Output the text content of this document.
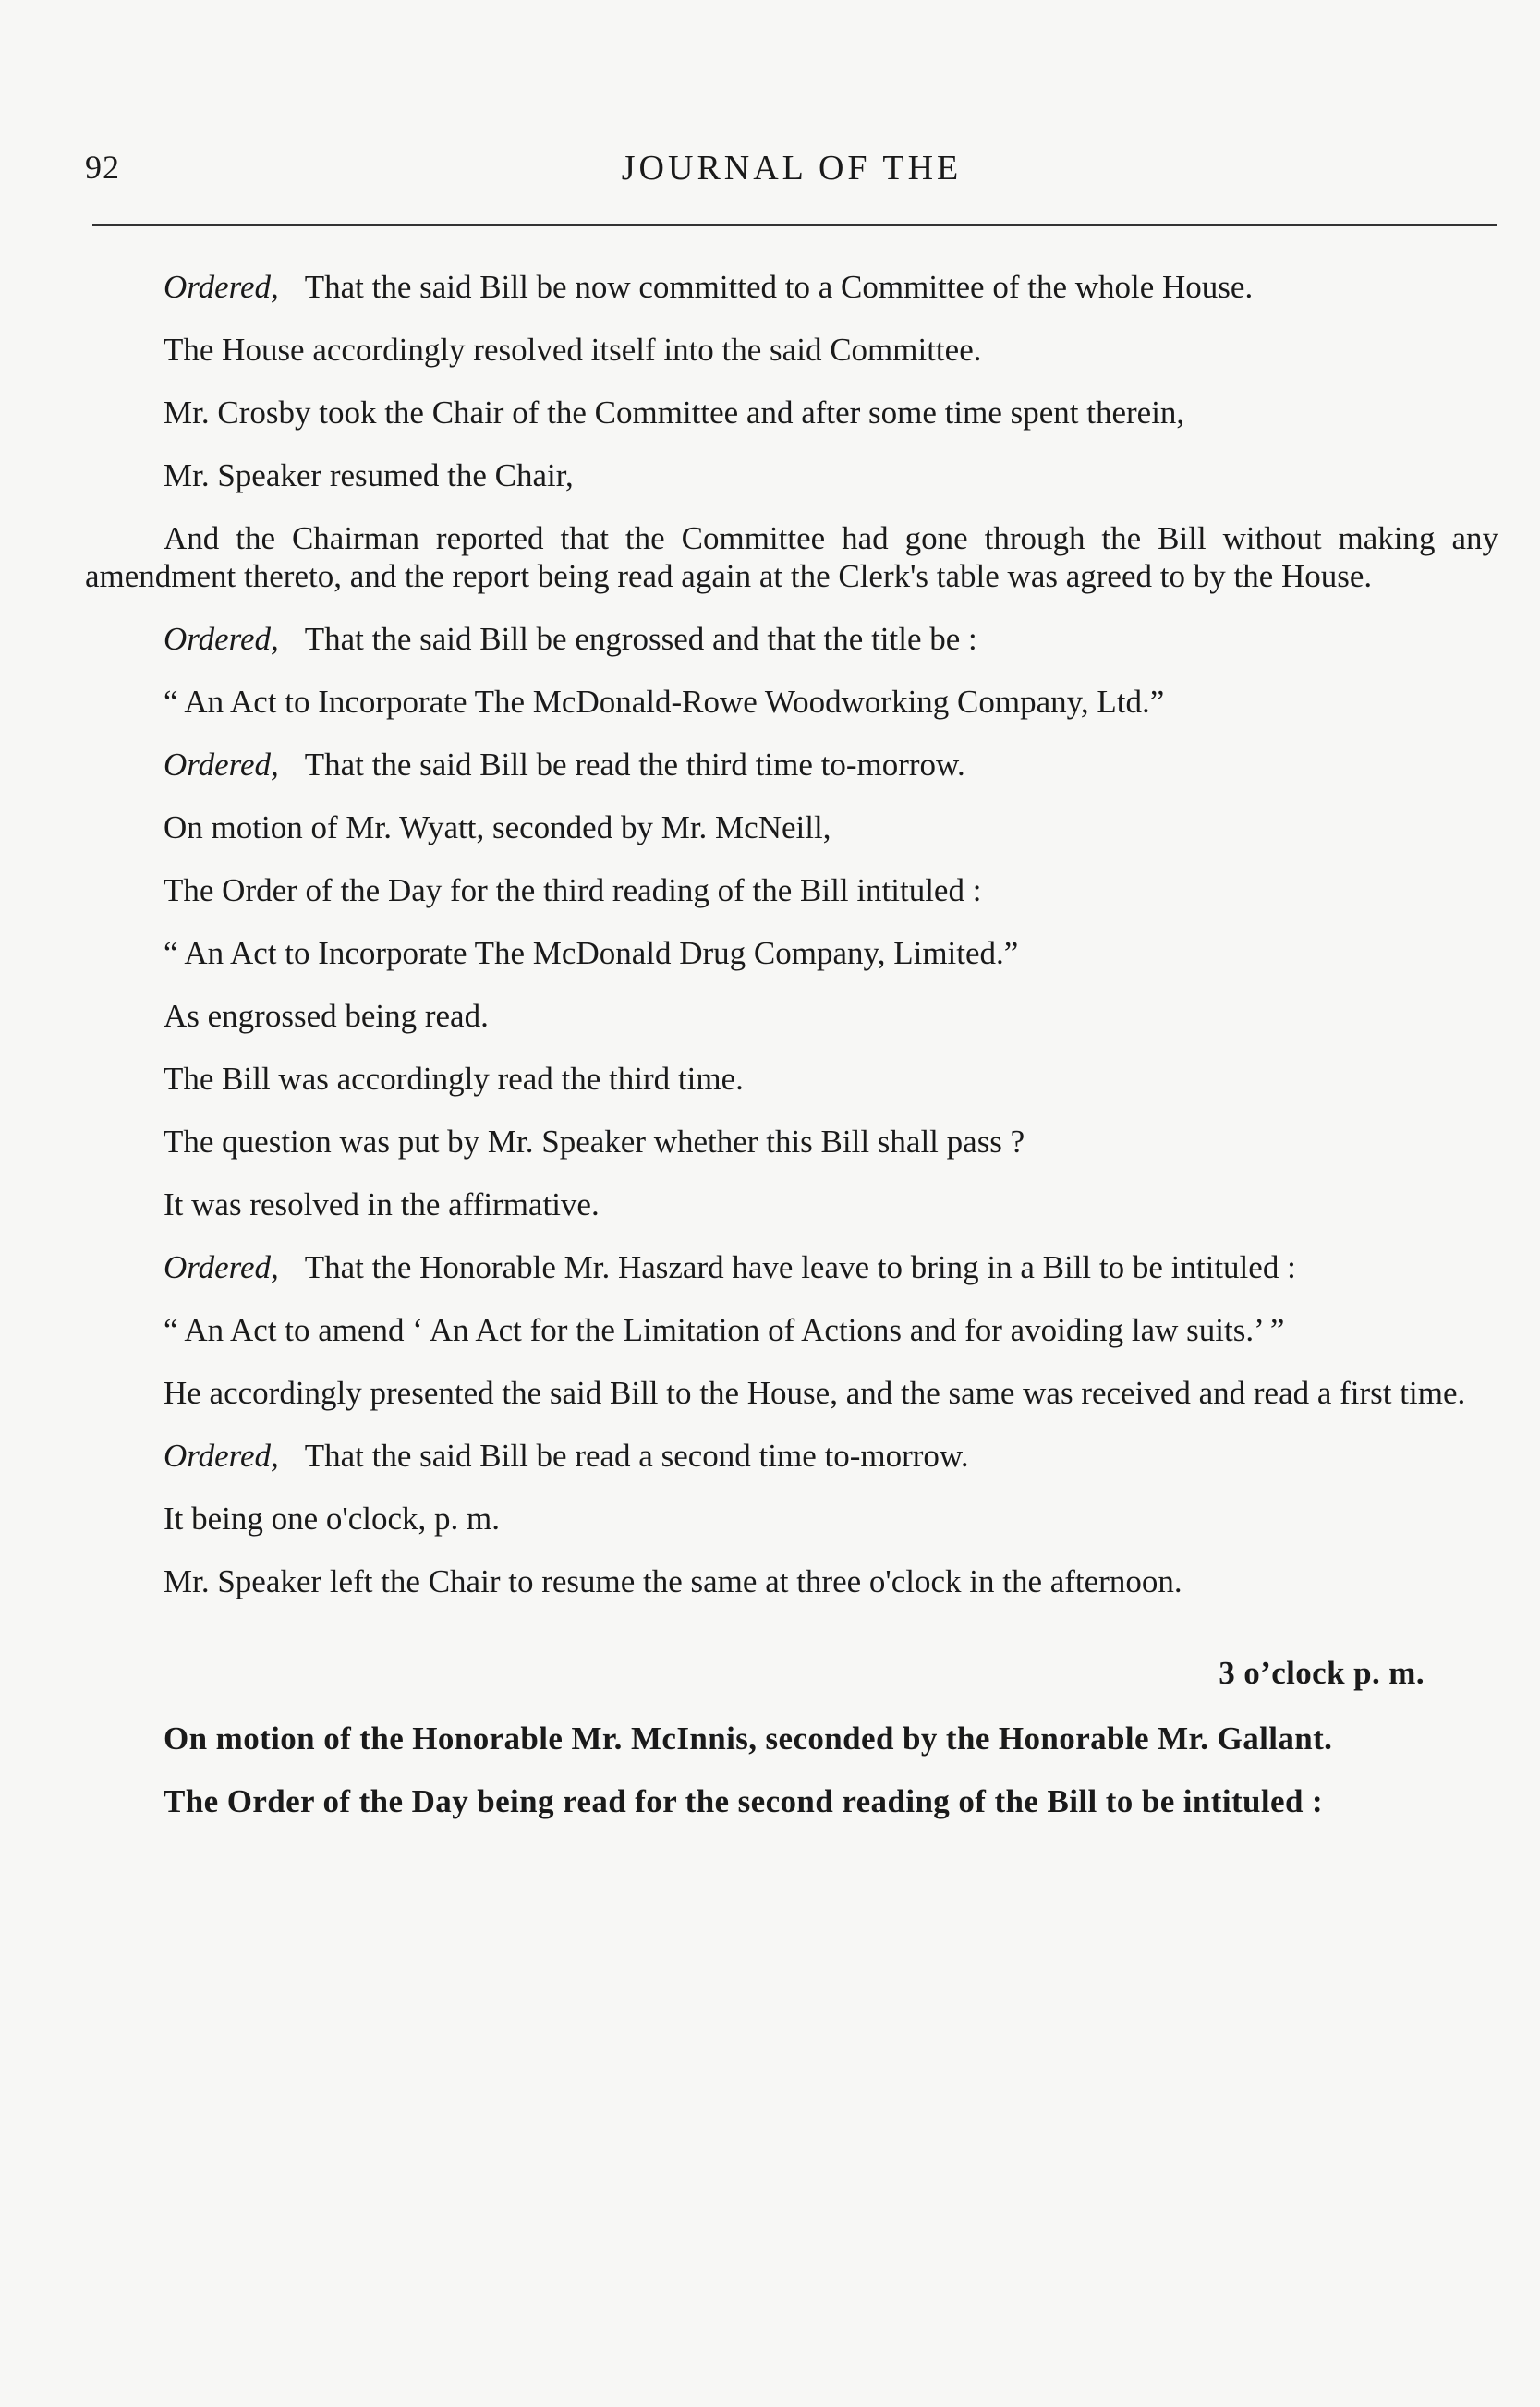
92	JOURNAL OF THE

Ordered, That the said Bill be now committed to a Committee of the whole House.

The House accordingly resolved itself into the said Committee.

Mr. Crosby took the Chair of the Committee and after some time spent therein,

Mr. Speaker resumed the Chair,

And the Chairman reported that the Committee had gone through the Bill without making any amendment thereto, and the report being read again at the Clerk's table was agreed to by the House.

Ordered, That the said Bill be engrossed and that the title be :

“ An Act to Incorporate The McDonald-Rowe Woodworking Company, Ltd.”

Ordered, That the said Bill be read the third time to-morrow.

On motion of Mr. Wyatt, seconded by Mr. McNeill,

The Order of the Day for the third reading of the Bill intituled :

“ An Act to Incorporate The McDonald Drug Company, Limited.”

As engrossed being read.

The Bill was accordingly read the third time.

The question was put by Mr. Speaker whether this Bill shall pass ?

It was resolved in the affirmative.

Ordered, That the Honorable Mr. Haszard have leave to bring in a Bill to be intituled :

“ An Act to amend ‘ An Act for the Limitation of Actions and for avoiding law suits.’ ”

He accordingly presented the said Bill to the House, and the same was received and read a first time.

Ordered, That the said Bill be read a second time to-morrow.

It being one o'clock, p. m.

Mr. Speaker left the Chair to resume the same at three o'clock in the afternoon.

3 o’clock p. m.

On motion of the Honorable Mr. McInnis, seconded by the Honorable Mr. Gallant.

The Order of the Day being read for the second reading of the Bill to be intituled :
